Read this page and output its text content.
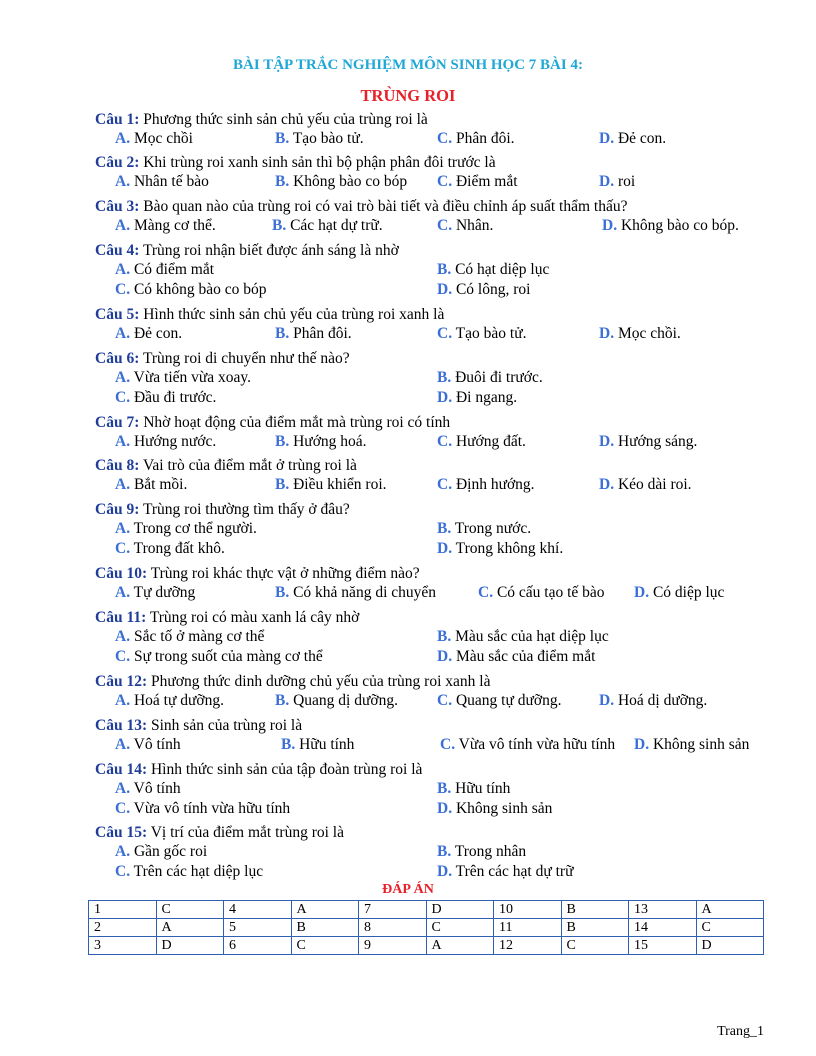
BÀI TẬP TRẮC NGHIỆM MÔN SINH HỌC 7 BÀI 4:
TRÙNG ROI
Câu 1: Phương thức sinh sản chủ yếu của trùng roi là
A. Mọc chồi	B. Tạo bào tử.	C. Phân đôi.	D. Đẻ con.
Câu 2: Khi trùng roi xanh sinh sản thì bộ phận phân đôi trước là
A. Nhân tế bào	B. Không bào co bóp C. Điểm mắt	D. roi
Câu 3: Bào quan nào của trùng roi có vai trò bài tiết và điều chỉnh áp suất thẩm thấu?
A. Màng cơ thể.	B. Các hạt dự trữ.	C. Nhân.	D. Không bào co bóp.
Câu 4: Trùng roi nhận biết được ánh sáng là nhờ
A. Có điểm mắt	B. Có hạt diệp lục
C. Có không bào co bóp	D. Có lông, roi
Câu 5: Hình thức sinh sản chủ yếu của trùng roi xanh là
A. Đẻ con.	B. Phân đôi.	C. Tạo bào tử.	D. Mọc chồi.
Câu 6: Trùng roi di chuyển như thế nào?
A. Vừa tiến vừa xoay.	B. Đuôi đi trước.
C. Đầu đi trước.	D. Đi ngang.
Câu 7: Nhờ hoạt động của điểm mắt mà trùng roi có tính
A. Hướng nước.	B. Hướng hoá.	C. Hướng đất.	D. Hướng sáng.
Câu 8: Vai trò của điểm mắt ở trùng roi là
A. Bắt mồi.	B. Điều khiển roi.	C. Định hướng.	D. Kéo dài roi.
Câu 9: Trùng roi thường tìm thấy ở đâu?
A. Trong cơ thể người.	B. Trong nước.
C. Trong đất khô.	D. Trong không khí.
Câu 10: Trùng roi khác thực vật ở những điểm nào?
A. Tự dưỡng	B. Có khả năng di chuyển	C. Có cấu tạo tế bào D. Có diệp lục
Câu 11: Trùng roi có màu xanh lá cây nhờ
A. Sắc tố ở màng cơ thể	B. Màu sắc của hạt diệp lục
C. Sự trong suốt của màng cơ thể	D. Màu sắc của điểm mắt
Câu 12: Phương thức dinh dưỡng chủ yếu của trùng roi xanh là
A. Hoá tự dưỡng.	B. Quang dị dưỡng.	C. Quang tự dưỡng. D. Hoá dị dưỡng.
Câu 13: Sinh sản của trùng roi là
A. Vô tính	B. Hữu tính	C. Vừa vô tính vừa hữu tính D. Không sinh sản
Câu 14: Hình thức sinh sản của tập đoàn trùng roi là
A. Vô tính	B. Hữu tính
C. Vừa vô tính vừa hữu tính	D. Không sinh sản
Câu 15: Vị trí của điểm mắt trùng roi là
A. Gần gốc roi	B. Trong nhân
C. Trên các hạt diệp lục	D. Trên các hạt dự trữ
ĐÁP ÁN
1	C	4	A	7	D	10	B	13	A
2	A	5	B	8	C	11	B	14	C
3	D	6	C	9	A	12	C	15	D
Trang_1
